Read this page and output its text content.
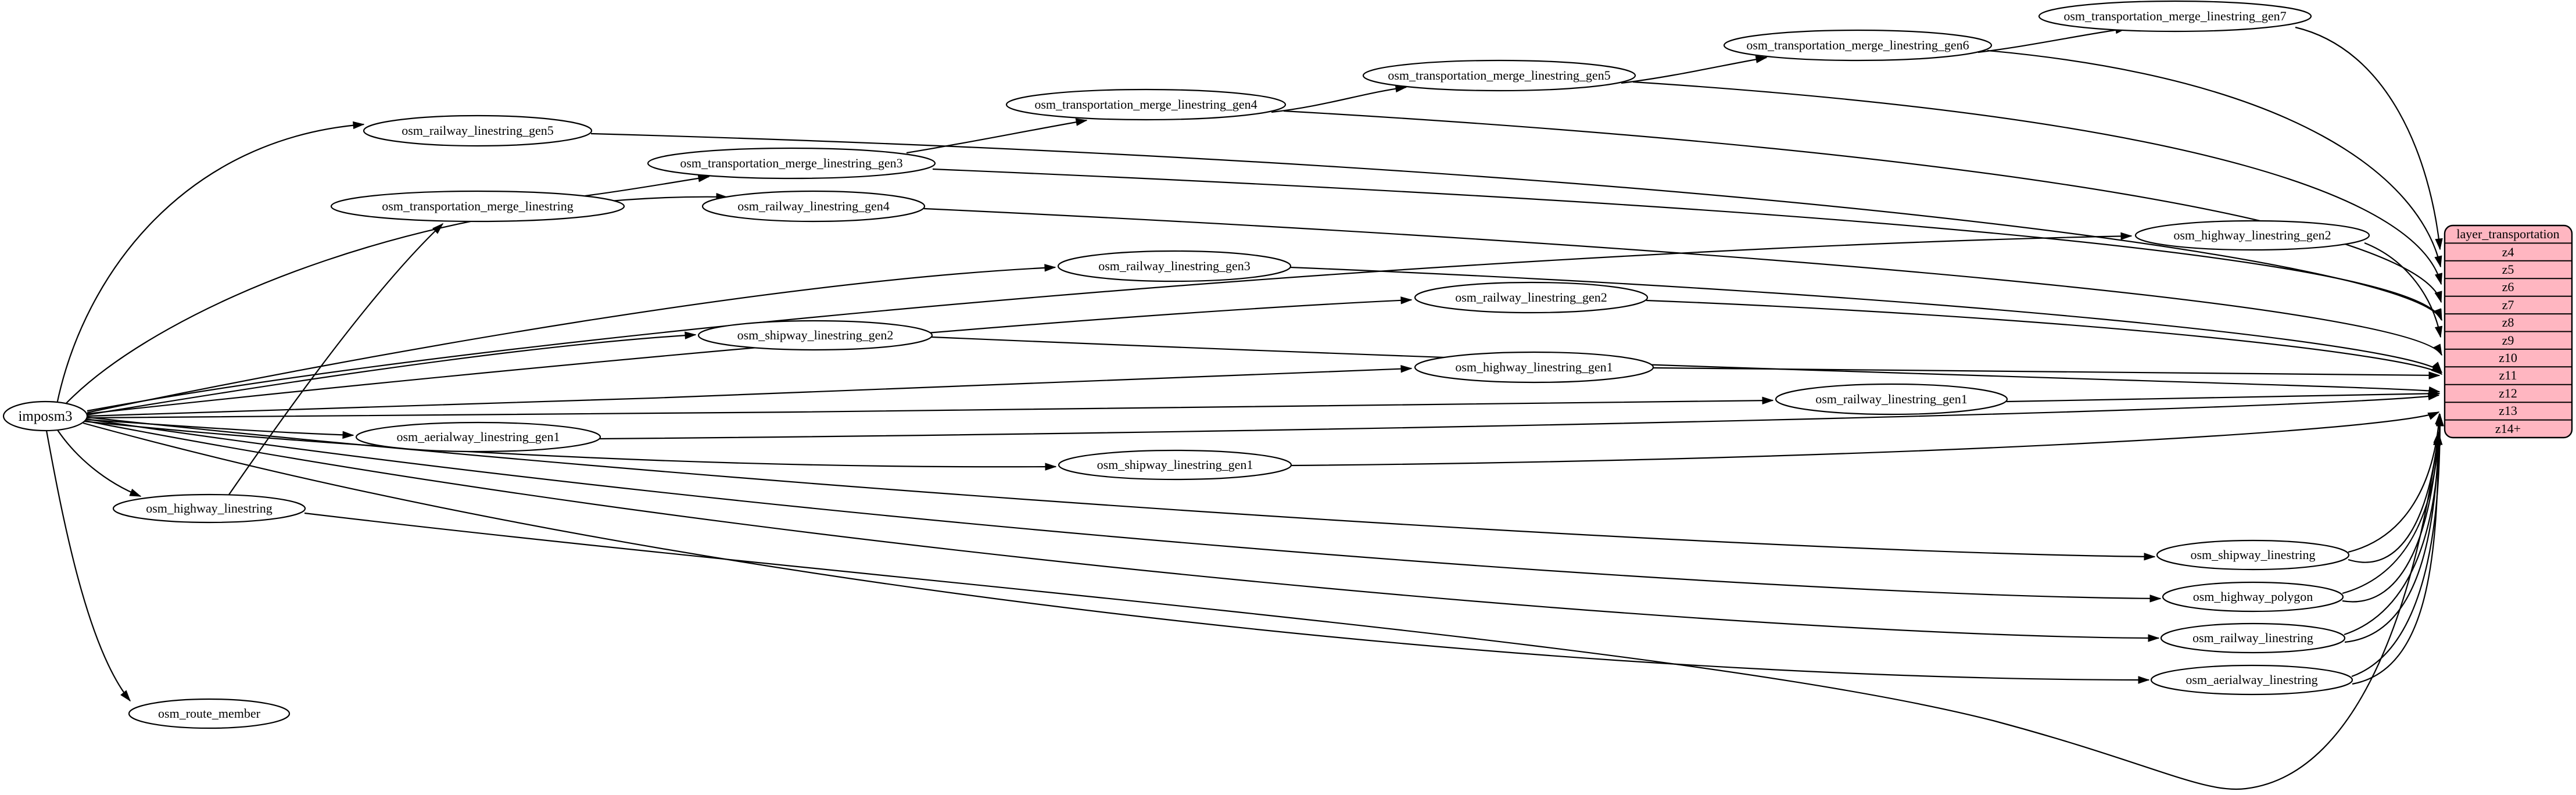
imposm3
osm_railway_linestring_gen5
osm_transportation_merge_linestring_gen3
osm_transportation_merge_linestring	osm_railway_linestring_gen4
osm_transportation_merge_linestring_gen4
osm_transportation_merge_linestring_gen5
osm_transportation_merge_linestring_gen6
osm_transportation_merge_linestring_gen7
osm_highway_linestring_gen2
osm_railway_linestring_gen3
osm_railway_linestring_gen2
osm_shipway_linestring_gen2
osm_highway_linestring_gen1
osm_railway_linestring_gen1
osm_aerialway_linestring_gen1
osm_shipway_linestring_gen1
osm_highway_linestring
osm_route_member
osm_shipway_linestring
osm_highway_polygon
osm_railway_linestring
osm_aerialway_linestring
layer_transportation
z4
z5
z6
z7
z8
z9
z10
z11
z12
z13
z14+
